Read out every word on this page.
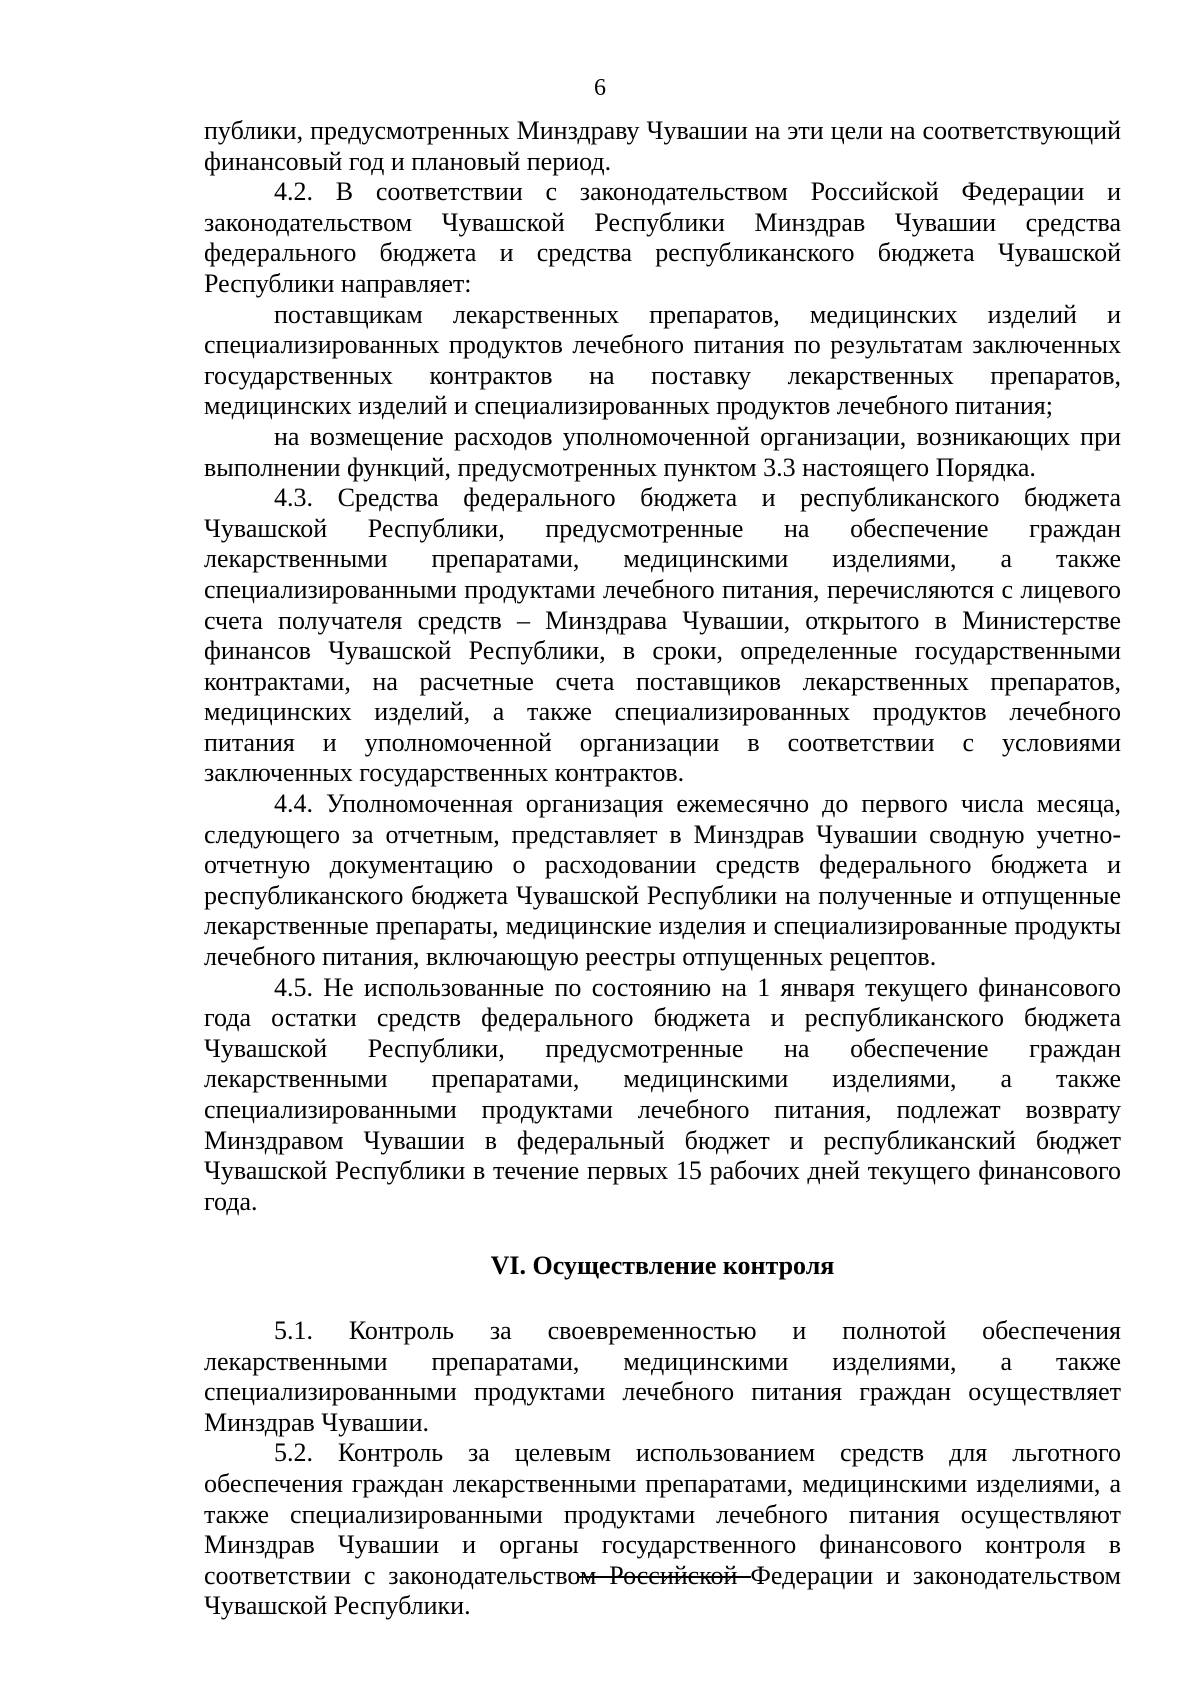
6

публики, предусмотренных Минздраву Чувашии на эти цели на соответствующий финансовый год и плановый период.

4.2. В соответствии с законодательством Российской Федерации и законодательством Чувашской Республики Минздрав Чувашии средства федерального бюджета и средства республиканского бюджета Чувашской Республики направляет:

поставщикам лекарственных препаратов, медицинских изделий и специализированных продуктов лечебного питания по результатам заключенных государственных контрактов на поставку лекарственных препаратов, медицинских изделий и специализированных продуктов лечебного питания;

на возмещение расходов уполномоченной организации, возникающих при выполнении функций, предусмотренных пунктом 3.3 настоящего Порядка.

4.3. Средства федерального бюджета и республиканского бюджета Чувашской Республики, предусмотренные на обеспечение граждан лекарственными препаратами, медицинскими изделиями, а также специализированными продуктами лечебного питания, перечисляются с лицевого счета получателя средств – Минздрава Чувашии, открытого в Министерстве финансов Чувашской Республики, в сроки, определенные государственными контрактами, на расчетные счета поставщиков лекарственных препаратов, медицинских изделий, а также специализированных продуктов лечебного питания и уполномоченной организации в соответствии с условиями заключенных государственных контрактов.

4.4. Уполномоченная организация ежемесячно до первого числа месяца, следующего за отчетным, представляет в Минздрав Чувашии сводную учетно-отчетную документацию о расходовании средств федерального бюджета и республиканского бюджета Чувашской Республики на полученные и отпущенные лекарственные препараты, медицинские изделия и специализированные продукты лечебного питания, включающую реестры отпущенных рецептов.

4.5. Не использованные по состоянию на 1 января текущего финансового года остатки средств федерального бюджета и республиканского бюджета Чувашской Республики, предусмотренные на обеспечение граждан лекарственными препаратами, медицинскими изделиями, а также специализированными продуктами лечебного питания, подлежат возврату Минздравом Чувашии в федеральный бюджет и республиканский бюджет Чувашской Республики в течение первых 15 рабочих дней текущего финансового года.

VI. Осуществление контроля

5.1. Контроль за своевременностью и полнотой обеспечения лекарственными препаратами, медицинскими изделиями, а также специализированными продуктами лечебного питания граждан осуществляет Минздрав Чувашии.

5.2. Контроль за целевым использованием средств для льготного обеспечения граждан лекарственными препаратами, медицинскими изделиями, а также специализированными продуктами лечебного питания осуществляют Минздрав Чувашии и органы государственного финансового контроля в соответствии с законодательством Российской Федерации и законодательством Чувашской Республики.
